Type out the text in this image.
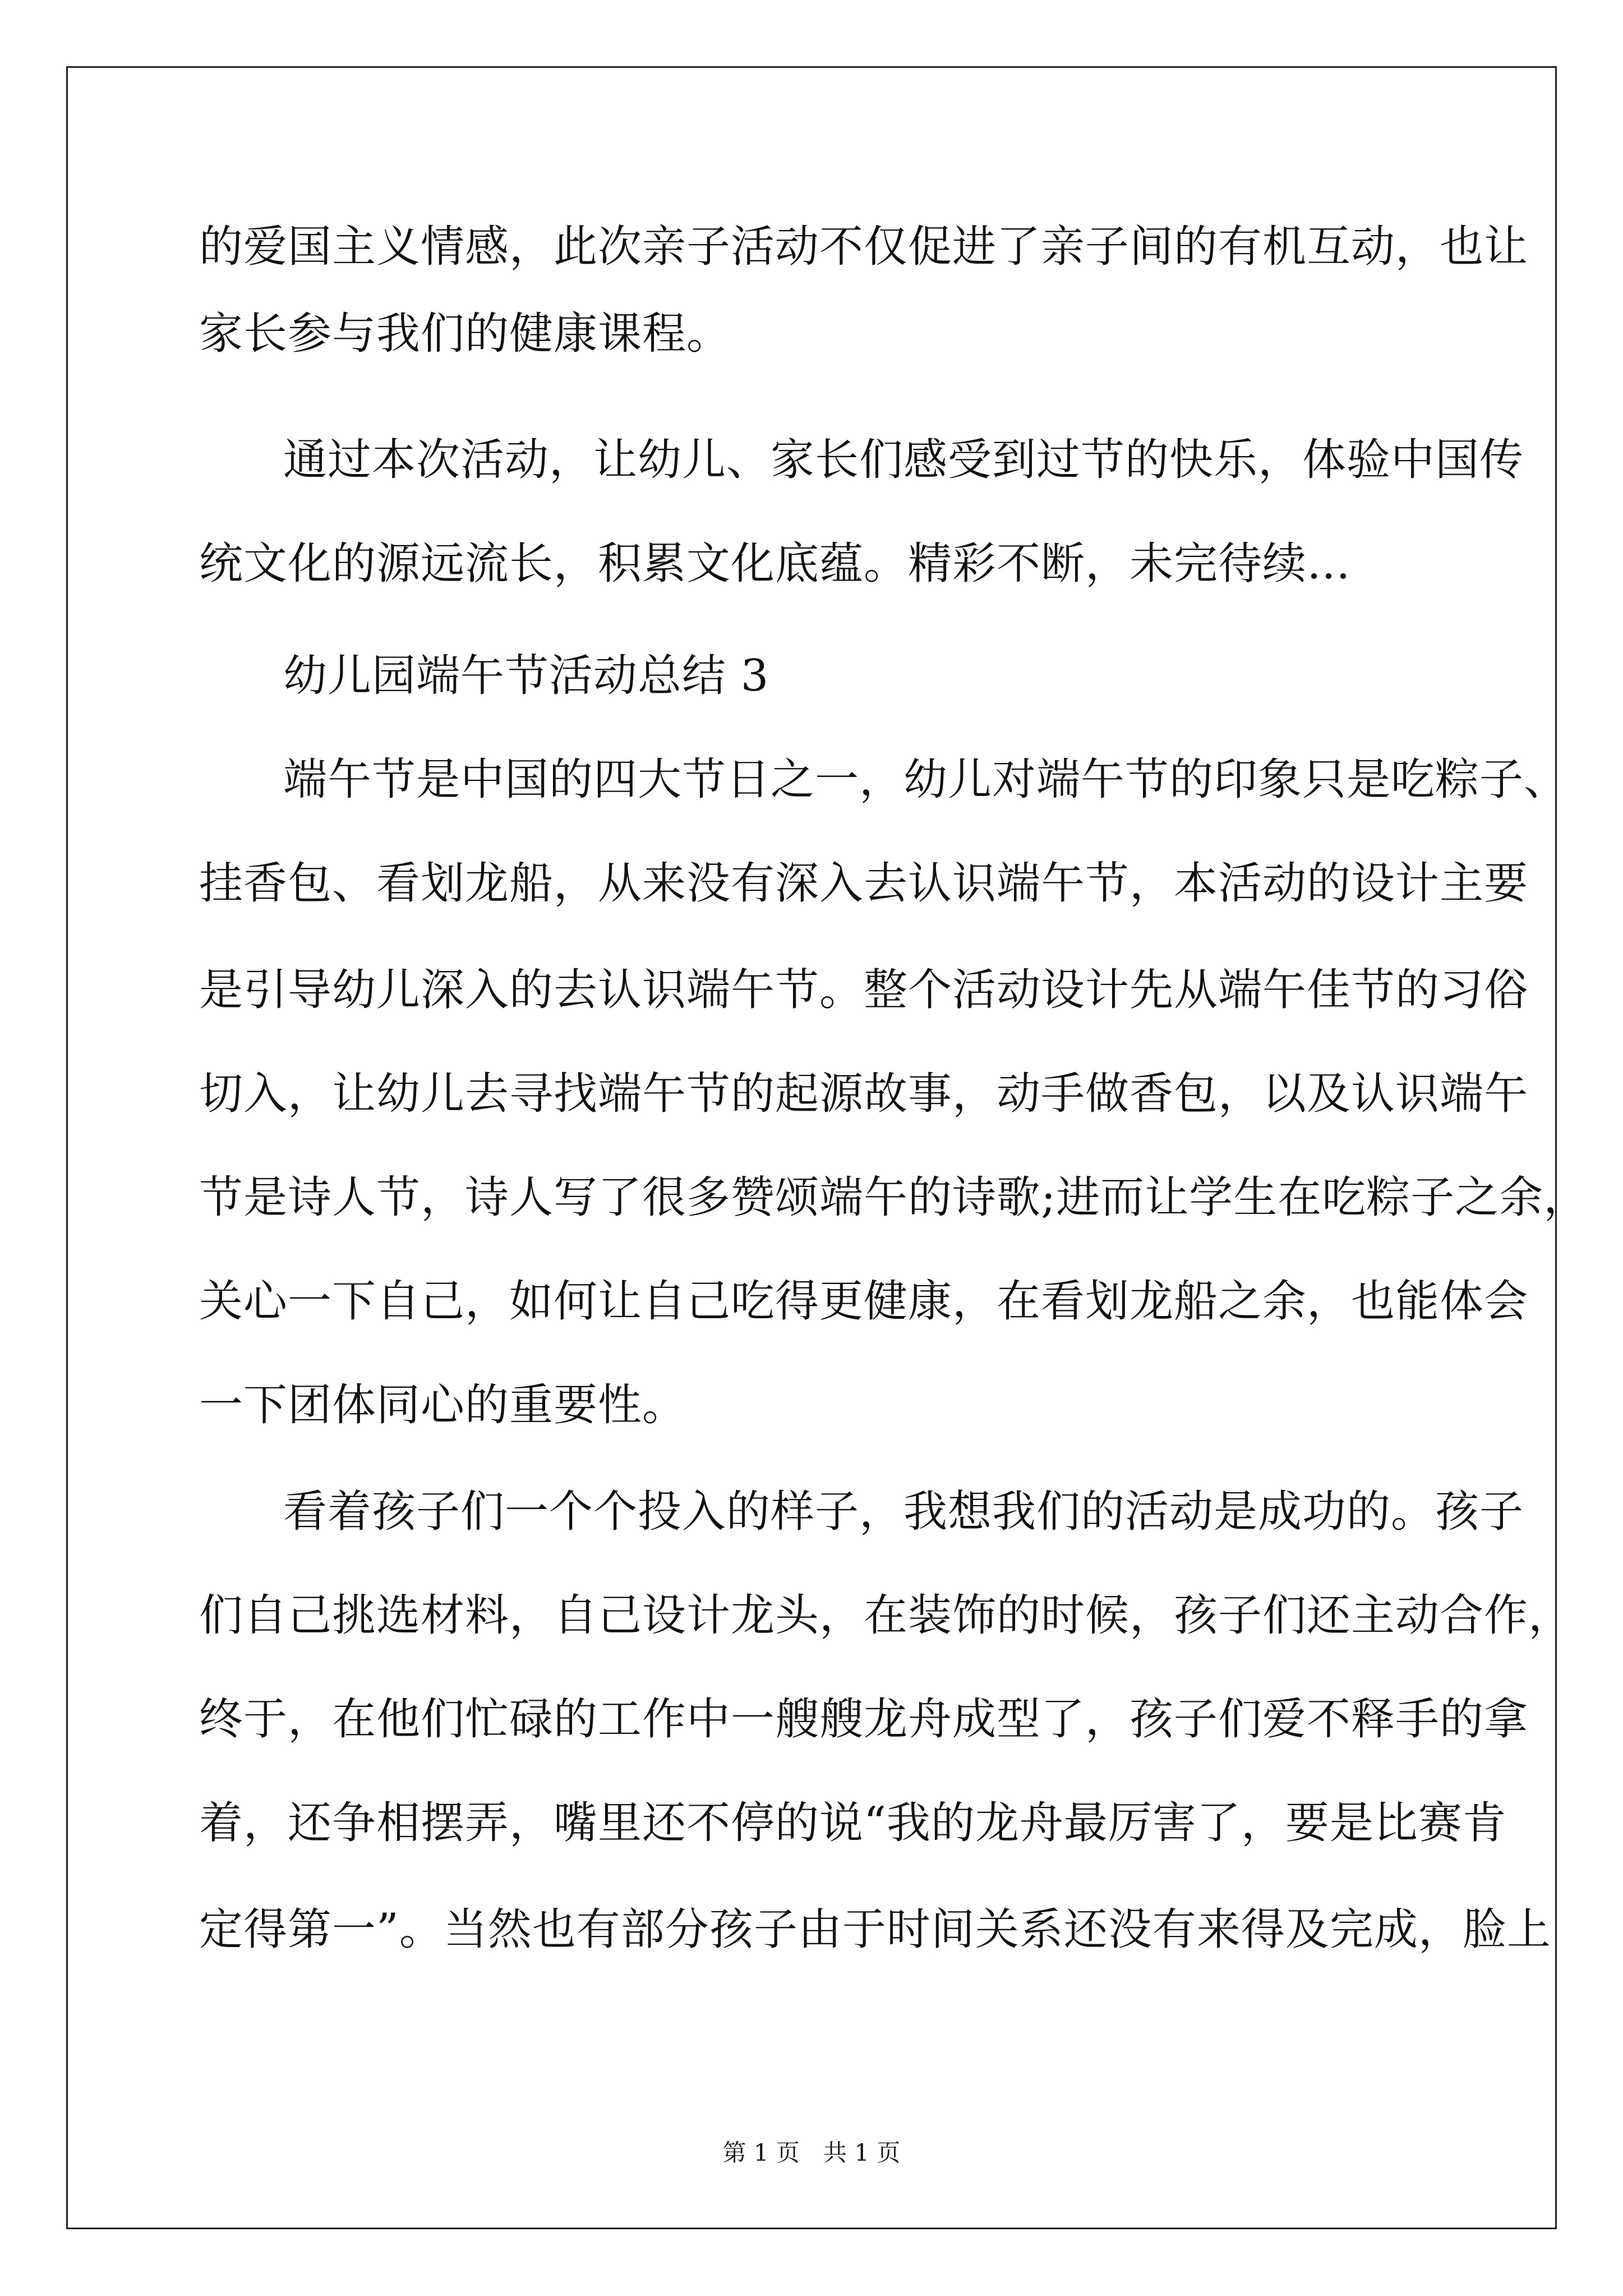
的爱国主义情感，此次亲子活动不仅促进了亲子间的有机互动，也让
家长参与我们的健康课程。
通过本次活动，让幼儿、家长们感受到过节的快乐，体验中国传
统文化的源远流长，积累文化底蕴。精彩不断，未完待续…
幼儿园端午节活动总结 3
端午节是中国的四大节日之一，幼儿对端午节的印象只是吃粽子、
挂香包、看划龙船，从来没有深入去认识端午节，本活动的设计主要
是引导幼儿深入的去认识端午节。整个活动设计先从端午佳节的习俗
切入，让幼儿去寻找端午节的起源故事，动手做香包，以及认识端午
节是诗人节，诗人写了很多赞颂端午的诗歌;进而让学生在吃粽子之余，
关心一下自己，如何让自己吃得更健康，在看划龙船之余，也能体会
一下团体同心的重要性。
看着孩子们一个个投入的样子，我想我们的活动是成功的。孩子
们自己挑选材料，自己设计龙头，在装饰的时候，孩子们还主动合作，
终于，在他们忙碌的工作中一艘艘龙舟成型了，孩子们爱不释手的拿
着，还争相摆弄，嘴里还不停的说“我的龙舟最厉害了，要是比赛肯
定得第一”。当然也有部分孩子由于时间关系还没有来得及完成，脸上
第 1 页　共 1 页
